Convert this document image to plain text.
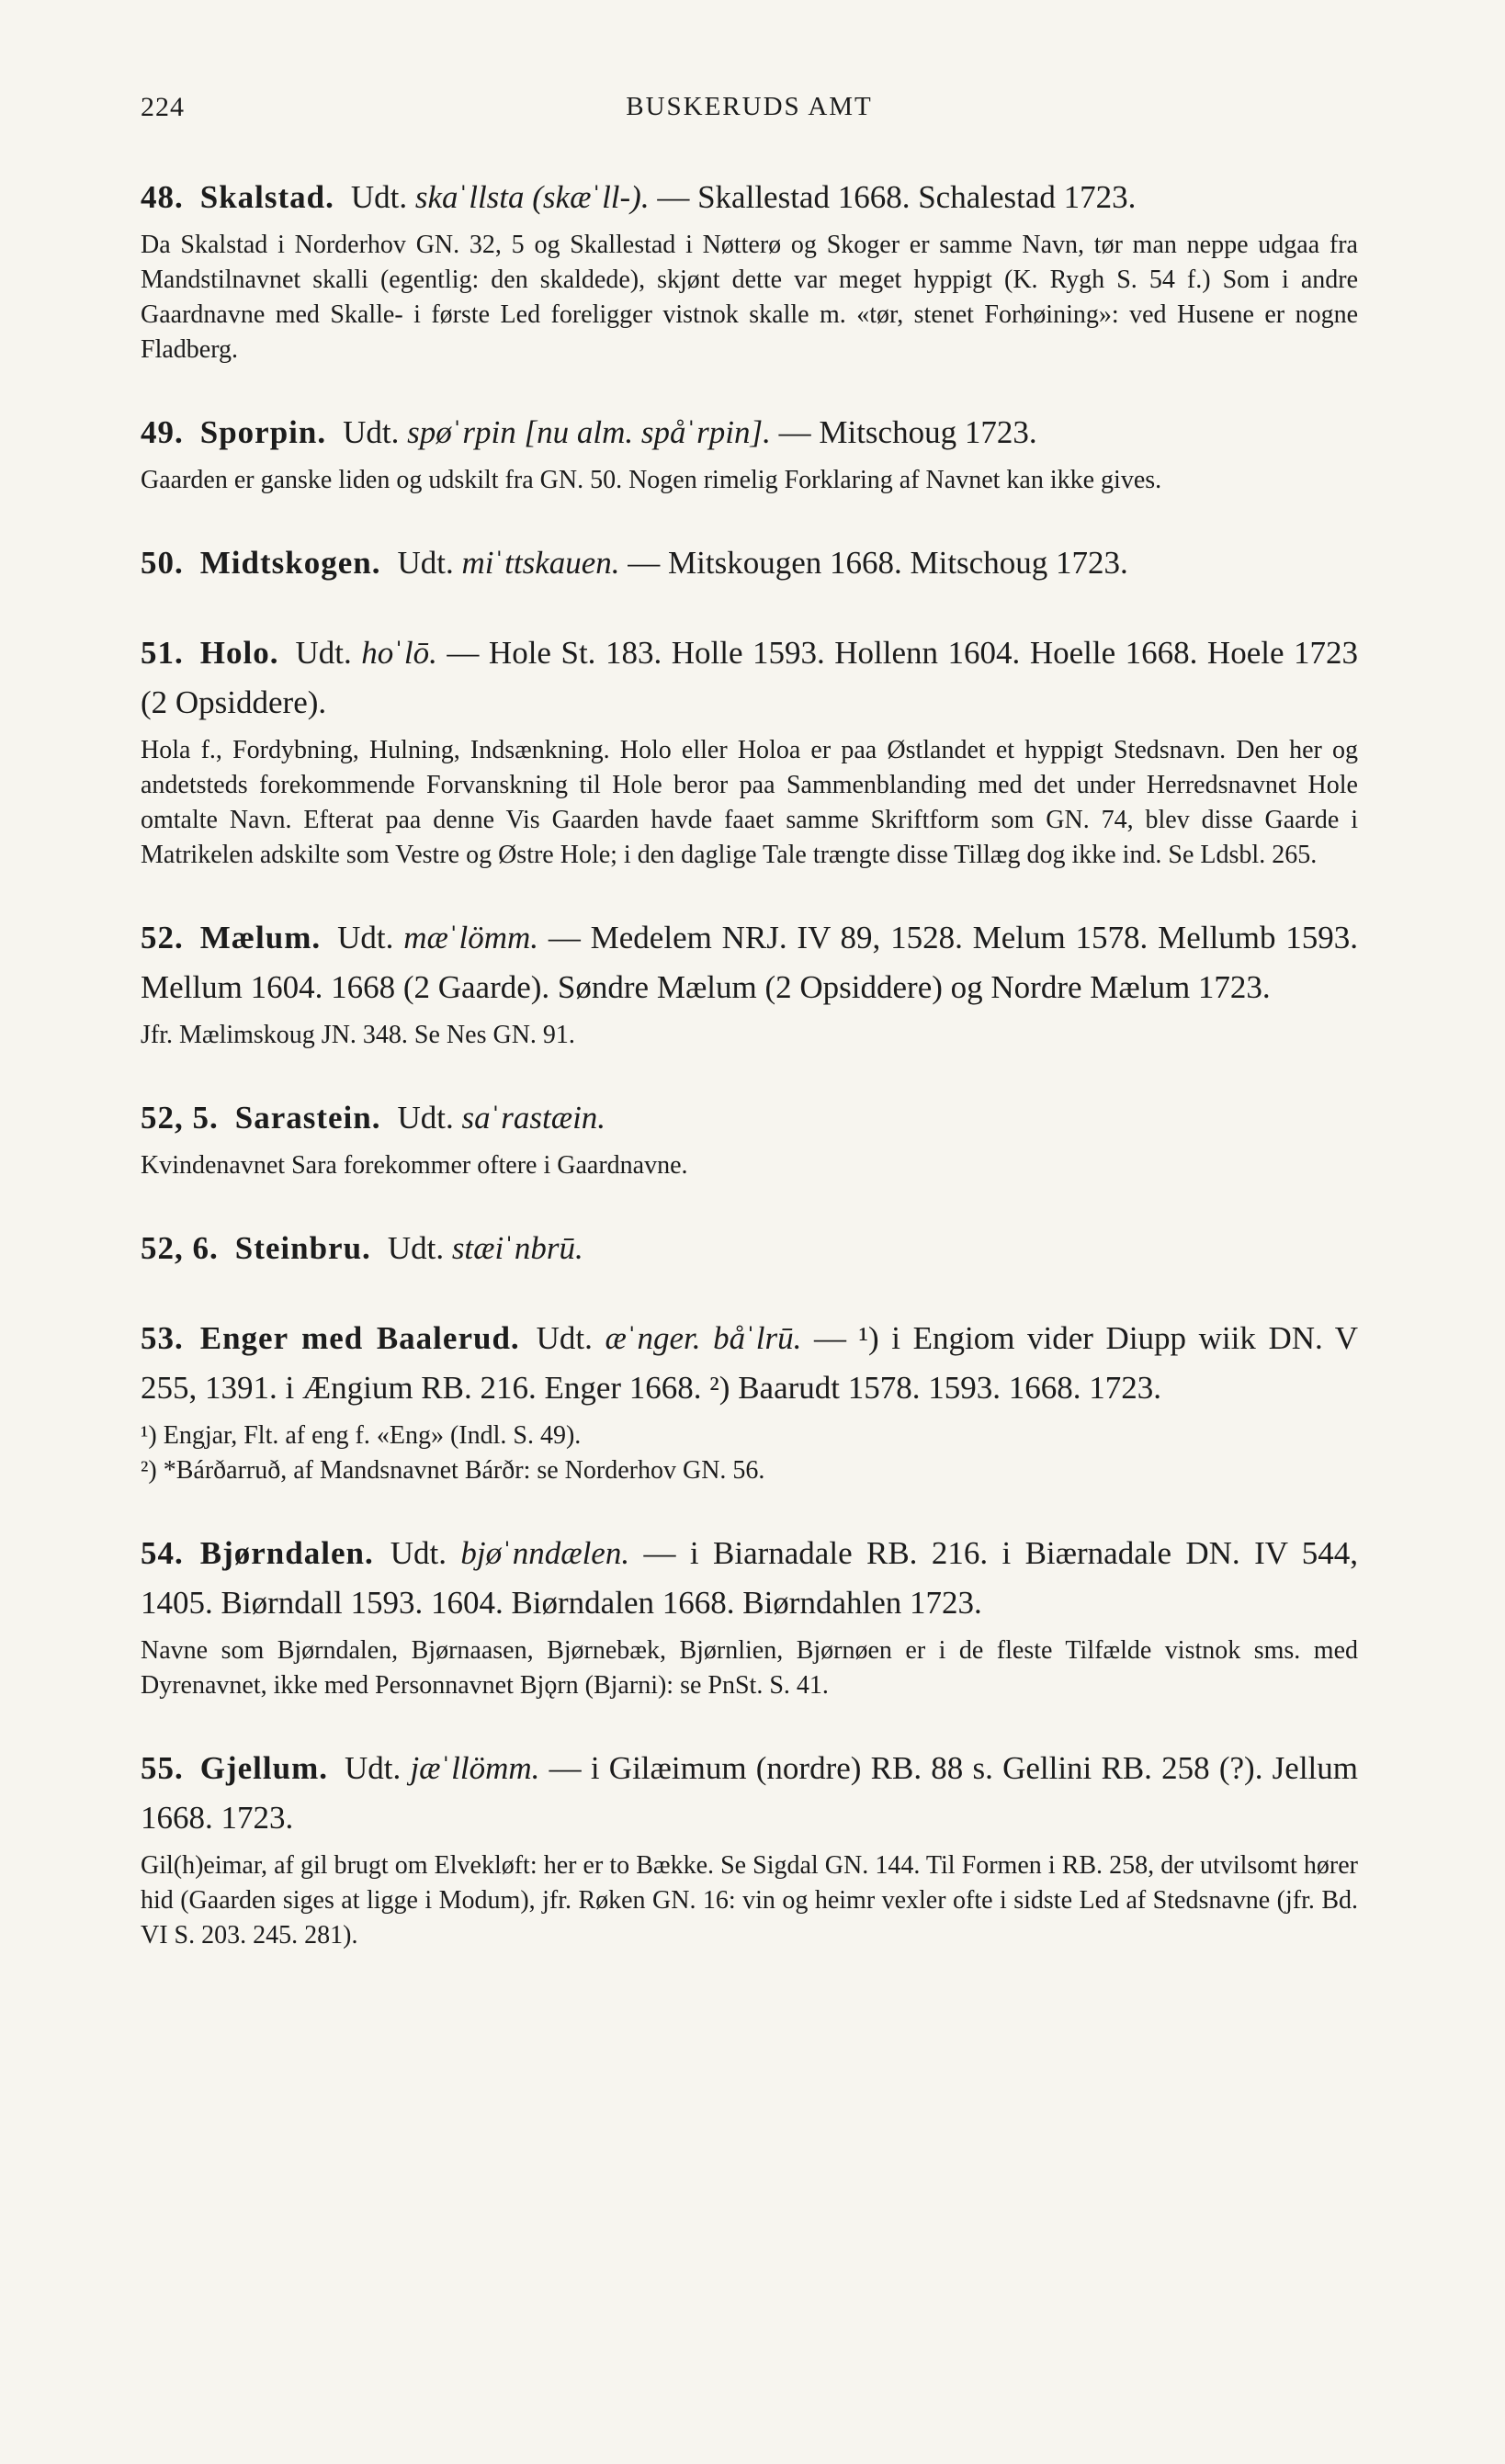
224	BUSKERUDS AMT

48. Skalstad. Udt. skaˈllsta (skæˈll-). — Skallestad 1668. Schalestad 1723.

Da Skalstad i Norderhov GN. 32, 5 og Skallestad i Nøtterø og Skoger er samme Navn, tør man neppe udgaa fra Mandstilnavnet skalli (egentlig: den skaldede), skjønt dette var meget hyppigt (K. Rygh S. 54 f.) Som i andre Gaardnavne med Skalle- i første Led foreligger vistnok skalle m. «tør, stenet Forhøining»: ved Husene er nogne Fladberg.

49. Sporpin. Udt. spøˈrpin [nu alm. spåˈrpin]. — Mitschoug 1723.

Gaarden er ganske liden og udskilt fra GN. 50. Nogen rimelig Forklaring af Navnet kan ikke gives.

50. Midtskogen. Udt. miˈttskauen. — Mitskougen 1668. Mitschoug 1723.

51. Holo. Udt. hoˈlō. — Hole St. 183. Holle 1593. Hollenn 1604. Hoelle 1668. Hoele 1723 (2 Opsiddere).

Hola f., Fordybning, Hulning, Indsænkning. Holo eller Holoa er paa Østlandet et hyppigt Stedsnavn. Den her og andetsteds forekommende Forvanskning til Hole beror paa Sammenblanding med det under Herredsnavnet Hole omtalte Navn. Efterat paa denne Vis Gaarden havde faaet samme Skriftform som GN. 74, blev disse Gaarde i Matrikelen adskilte som Vestre og Østre Hole; i den daglige Tale trængte disse Tillæg dog ikke ind. Se Ldsbl. 265.

52. Mælum. Udt. mæˈlömm. — Medelem NRJ. IV 89, 1528. Melum 1578. Mellumb 1593. Mellum 1604. 1668 (2 Gaarde). Søndre Mælum (2 Opsiddere) og Nordre Mælum 1723.

Jfr. Mælimskoug JN. 348. Se Nes GN. 91.

52, 5. Sarastein. Udt. saˈrastæin.

Kvindenavnet Sara forekommer oftere i Gaardnavne.

52, 6. Steinbru. Udt. stæiˈnbrū.

53. Enger med Baalerud. Udt. æˈnger. båˈlrū. — ¹) i Engiom vider Diupp wiik DN. V 255, 1391. i Ængium RB. 216. Enger 1668. ²) Baarudt 1578. 1593. 1668. 1723.

¹) Engjar, Flt. af eng f. «Eng» (Indl. S. 49).

²) *Bárðarruð, af Mandsnavnet Bárðr: se Norderhov GN. 56.

54. Bjørndalen. Udt. bjøˈnndælen. — i Biarnadale RB. 216. i Biærnadale DN. IV 544, 1405. Biørndall 1593. 1604. Biørndalen 1668. Biørndahlen 1723.

Navne som Bjørndalen, Bjørnaasen, Bjørnebæk, Bjørnlien, Bjørnøen er i de fleste Tilfælde vistnok sms. med Dyrenavnet, ikke med Personnavnet Bjǫrn (Bjarni): se PnSt. S. 41.

55. Gjellum. Udt. jæˈllömm. — i Gilæimum (nordre) RB. 88 s. Gellini RB. 258 (?). Jellum 1668. 1723.

Gil(h)eimar, af gil brugt om Elvekløft: her er to Bække. Se Sigdal GN. 144. Til Formen i RB. 258, der utvilsomt hører hid (Gaarden siges at ligge i Modum), jfr. Røken GN. 16: vin og heimr vexler ofte i sidste Led af Stedsnavne (jfr. Bd. VI S. 203. 245. 281).
